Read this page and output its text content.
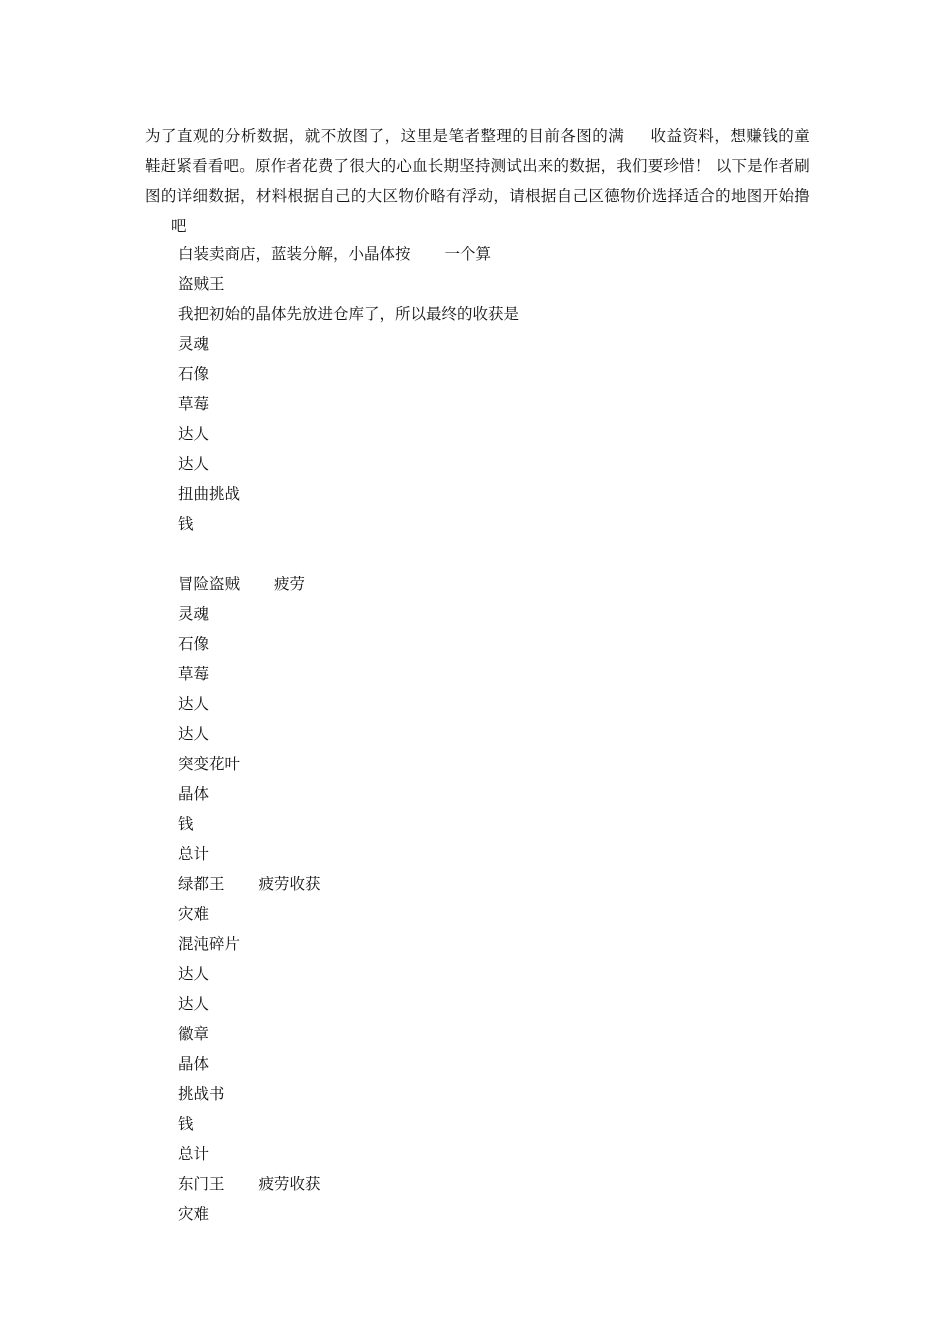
为了直观的分析数据，就不放图了，这里是笔者整理的目前各图的满 收益资料，想赚钱的童鞋赶紧看看吧。原作者花费了很大的心血长期坚持测试出来的数据，我们要珍惜！ 以下是作者刷图的详细数据，材料根据自己的大区物价略有浮动，请根据自己区德物价选择适合的地图开始撸吧
白装卖商店，蓝装分解，小晶体按 一个算
盗贼王
我把初始的晶体先放进仓库了，所以最终的收获是
灵魂
石像
草莓
达人
达人
扭曲挑战
钱
冒险盗贼 疲劳
灵魂
石像
草莓
达人
达人
突变花叶
晶体
钱
总计
绿都王 疲劳收获
灾难
混沌碎片
达人
达人
徽章
晶体
挑战书
钱
总计
东门王 疲劳收获
灾难
